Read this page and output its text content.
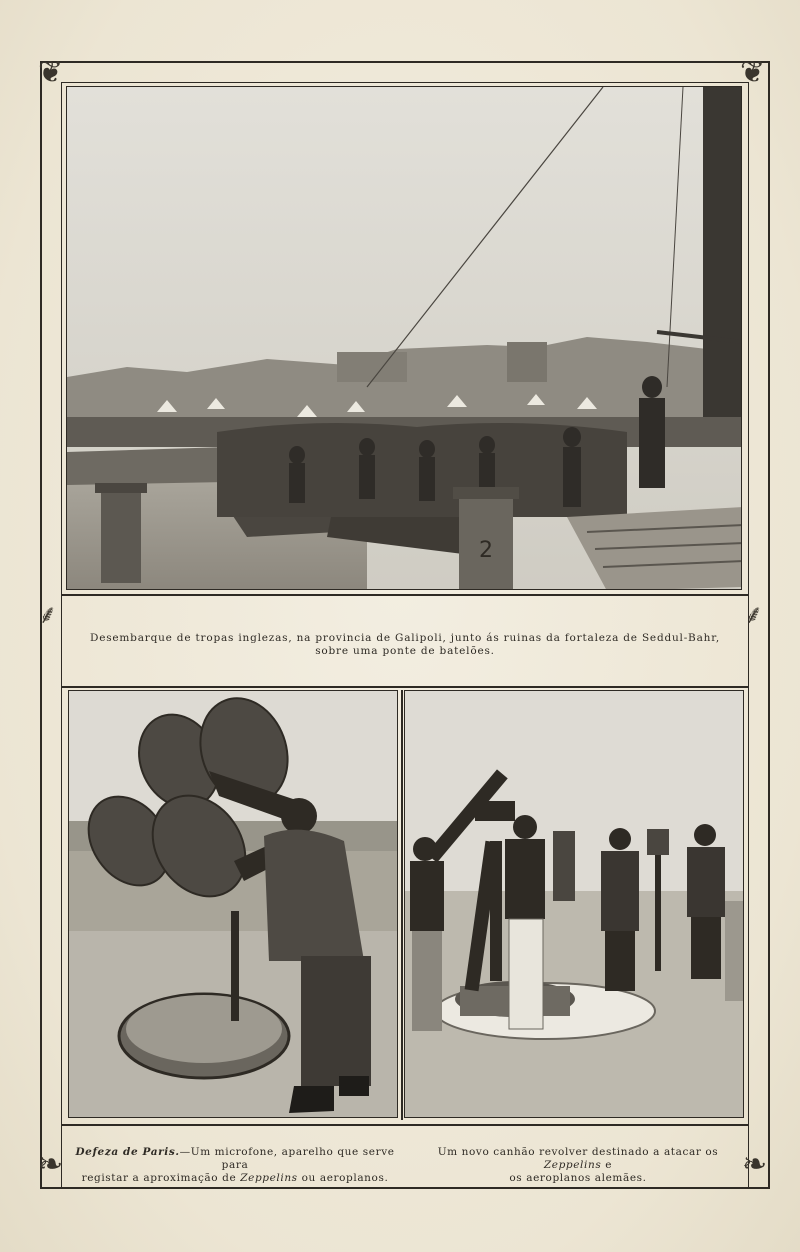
❦	❦
❧	❧
⸙	⸙
2
Desembarque de tropas inglezas, na provincia de Galipoli, junto ás ruinas da fortaleza de Seddul-Bahr,
sobre uma ponte de batelões.
Defeza de Paris.—Um microfone, aparelho que serve para
registar a aproximação de Zeppelins ou aeroplanos.
Um novo canhão revolver destinado a atacar os Zeppelins e
os aeroplanos alemães.
